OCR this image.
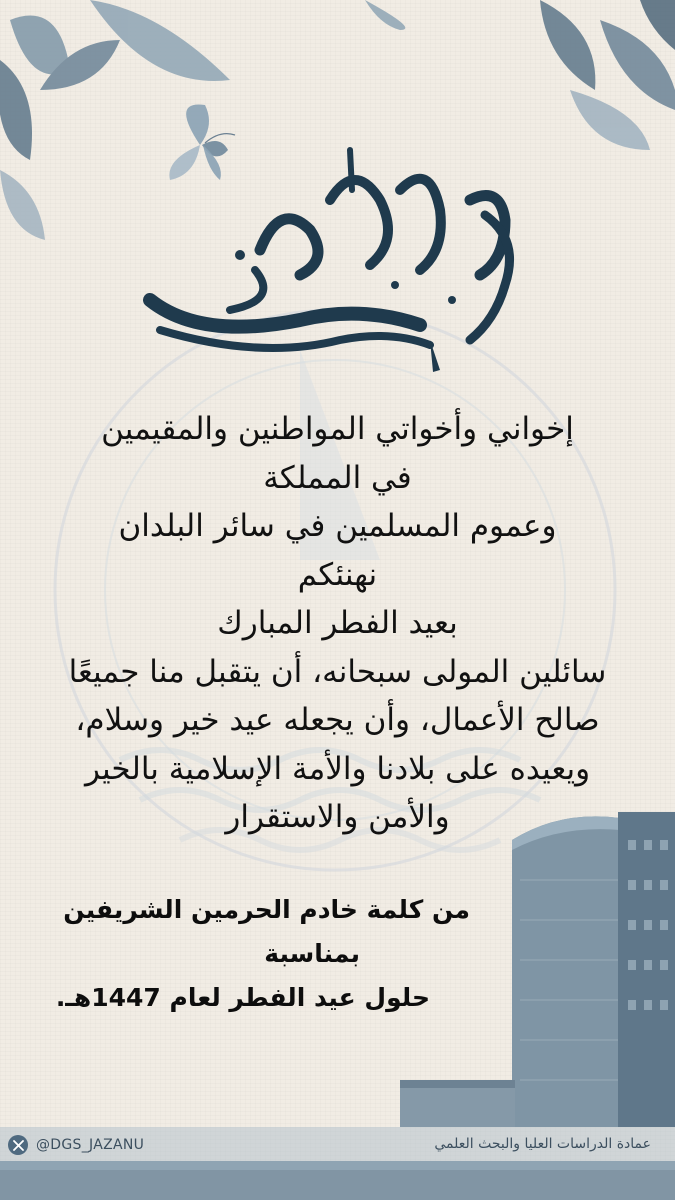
إخواني وأخواتي المواطنين والمقيمين
في المملكة
وعموم المسلمين في سائر البلدان
نهنئكم
بعيد الفطر المبارك
سائلين المولى سبحانه، أن يتقبل منا جميعًا
صالح الأعمال، وأن يجعله عيد خير وسلام،
ويعيده على بلادنا والأمة الإسلامية بالخير
والأمن والاستقرار
من كلمة خادم الحرمين الشريفين
بمناسبة
حلول عيد الفطر لعام 1447هـ.
@DGS_JAZANU	عمادة الدراسات العليا والبحث العلمي
